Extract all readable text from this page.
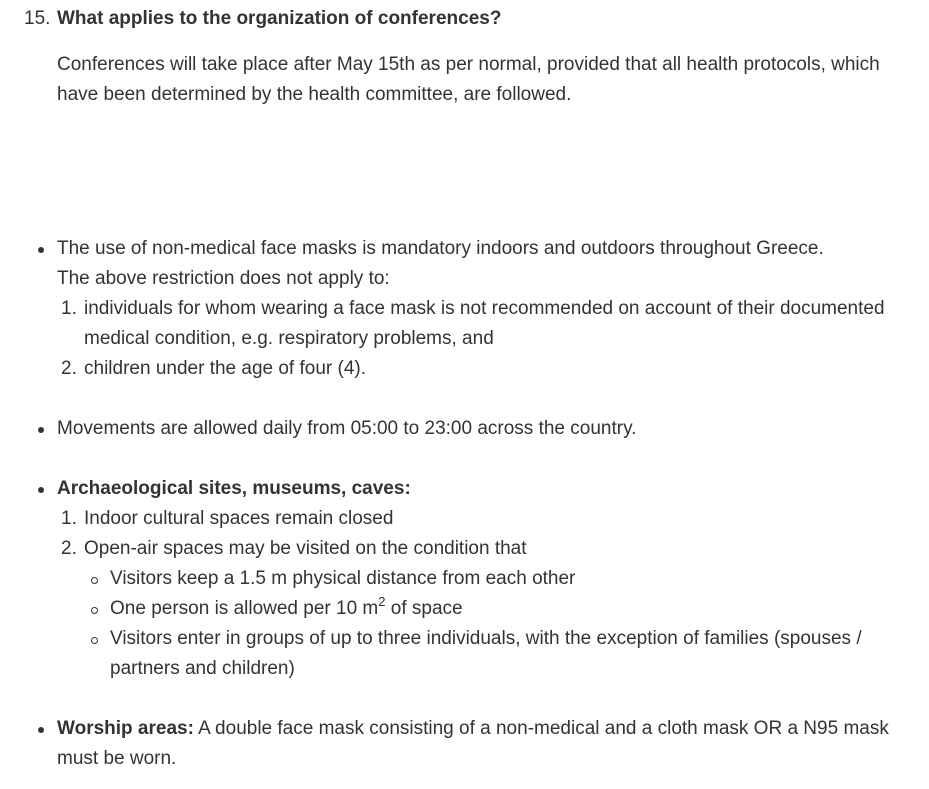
15. What applies to the organization of conferences?
Conferences will take place after May 15th as per normal, provided that all health protocols, which have been determined by the health committee, are followed.
The use of non-medical face masks is mandatory indoors and outdoors throughout Greece.
The above restriction does not apply to:
1. individuals for whom wearing a face mask is not recommended on account of their documented medical condition, e.g. respiratory problems, and
2. children under the age of four (4).
Movements are allowed daily from 05:00 to 23:00 across the country.
Archaeological sites, museums, caves:
1. Indoor cultural spaces remain closed
2. Open-air spaces may be visited on the condition that
Visitors keep a 1.5 m physical distance from each other
One person is allowed per 10 $m^2$ of space
Visitors enter in groups of up to three individuals, with the exception of families (spouses / partners and children)
Worship areas: A double face mask consisting of a non-medical and a cloth mask OR a N95 mask must be worn.
